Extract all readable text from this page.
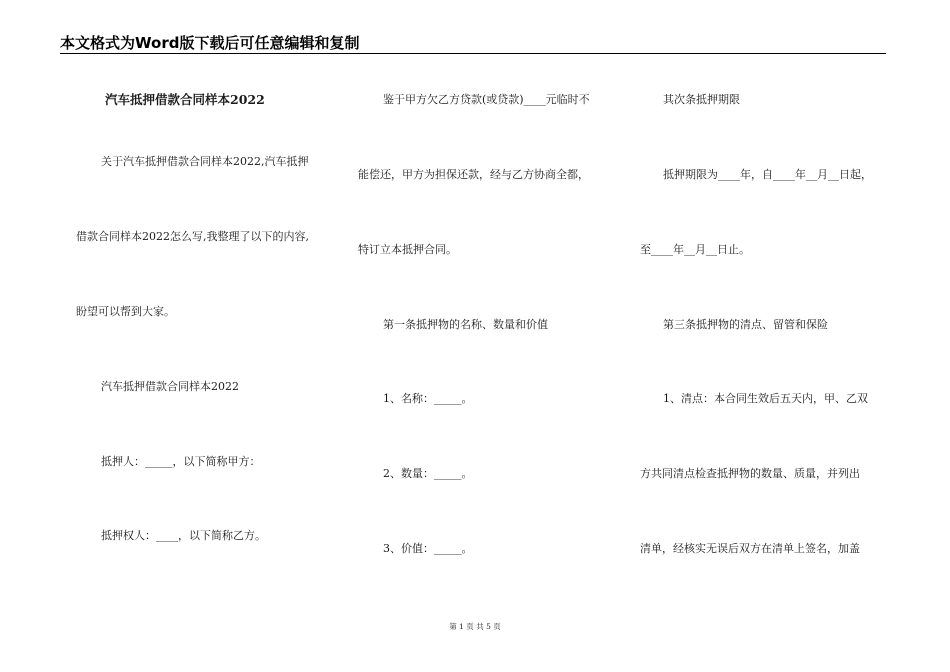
本文格式为Word版下载后可任意编辑和复制
汽车抵押借款合同样本2022
关于汽车抵押借款合同样本2022,汽车抵押
借款合同样本2022怎么写,我整理了以下的内容,
盼望可以帮到大家。
汽车抵押借款合同样本2022
抵押人：_____，以下简称甲方：
抵押权人：____，以下简称乙方。
鉴于甲方欠乙方贷款(或贷款)____元临时不
能偿还，甲方为担保还款，经与乙方协商全都，
特订立本抵押合同。
第一条抵押物的名称、数量和价值
1、名称：_____。
2、数量：_____。
3、价值：_____。
其次条抵押期限
抵押期限为____年，自____年__月__日起，
至____年__月__日止。
第三条抵押物的清点、留管和保险
1、清点：本合同生效后五天内，甲、乙双
方共同清点检查抵押物的数量、质量，并列出
清单，经核实无误后双方在清单上签名，加盖
第 1 页 共 5 页
